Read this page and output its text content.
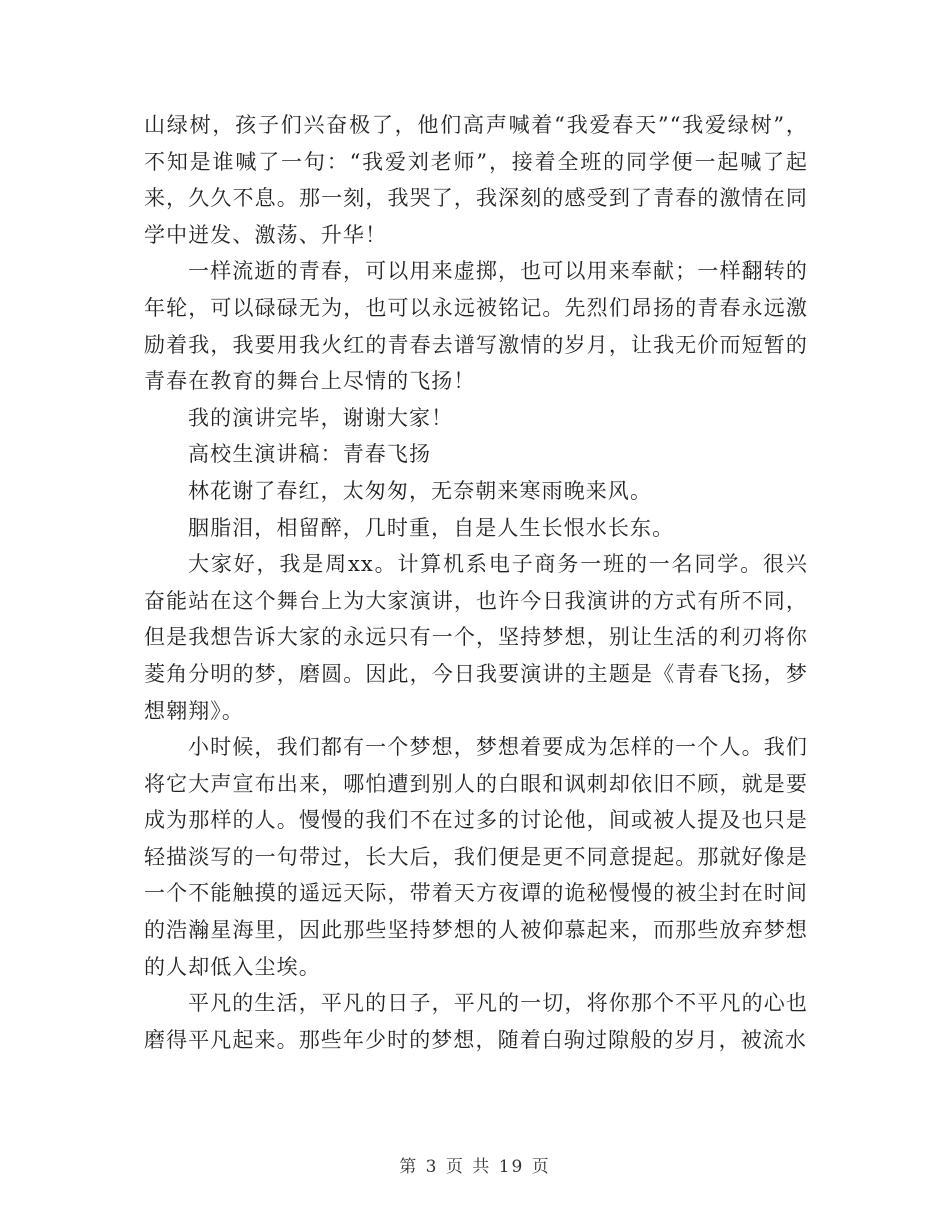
山绿树，孩子们兴奋极了，他们高声喊着“我爱春天”“我爱绿树”，不知是谁喊了一句：“我爱刘老师”，接着全班的同学便一起喊了起来，久久不息。那一刻，我哭了，我深刻的感受到了青春的激情在同学中迸发、激荡、升华！

一样流逝的青春，可以用来虚掷，也可以用来奉献；一样翻转的年轮，可以碌碌无为，也可以永远被铭记。先烈们昂扬的青春永远激励着我，我要用我火红的青春去谱写激情的岁月，让我无价而短暂的青春在教育的舞台上尽情的飞扬！

我的演讲完毕，谢谢大家！

高校生演讲稿：青春飞扬

林花谢了春红，太匆匆，无奈朝来寒雨晚来风。

胭脂泪，相留醉，几时重，自是人生长恨水长东。

大家好，我是周xx。计算机系电子商务一班的一名同学。很兴奋能站在这个舞台上为大家演讲，也许今日我演讲的方式有所不同，但是我想告诉大家的永远只有一个，坚持梦想，别让生活的利刃将你菱角分明的梦，磨圆。因此，今日我要演讲的主题是《青春飞扬，梦想翱翔》。

小时候，我们都有一个梦想，梦想着要成为怎样的一个人。我们将它大声宣布出来，哪怕遭到别人的白眼和讽刺却依旧不顾，就是要成为那样的人。慢慢的我们不在过多的讨论他，间或被人提及也只是轻描淡写的一句带过，长大后，我们便是更不同意提起。那就好像是一个不能触摸的遥远天际，带着天方夜谭的诡秘慢慢的被尘封在时间的浩瀚星海里，因此那些坚持梦想的人被仰慕起来，而那些放弃梦想的人却低入尘埃。

平凡的生活，平凡的日子，平凡的一切，将你那个不平凡的心也磨得平凡起来。那些年少时的梦想，随着白驹过隙般的岁月，被流水

第 3 页 共 19 页
